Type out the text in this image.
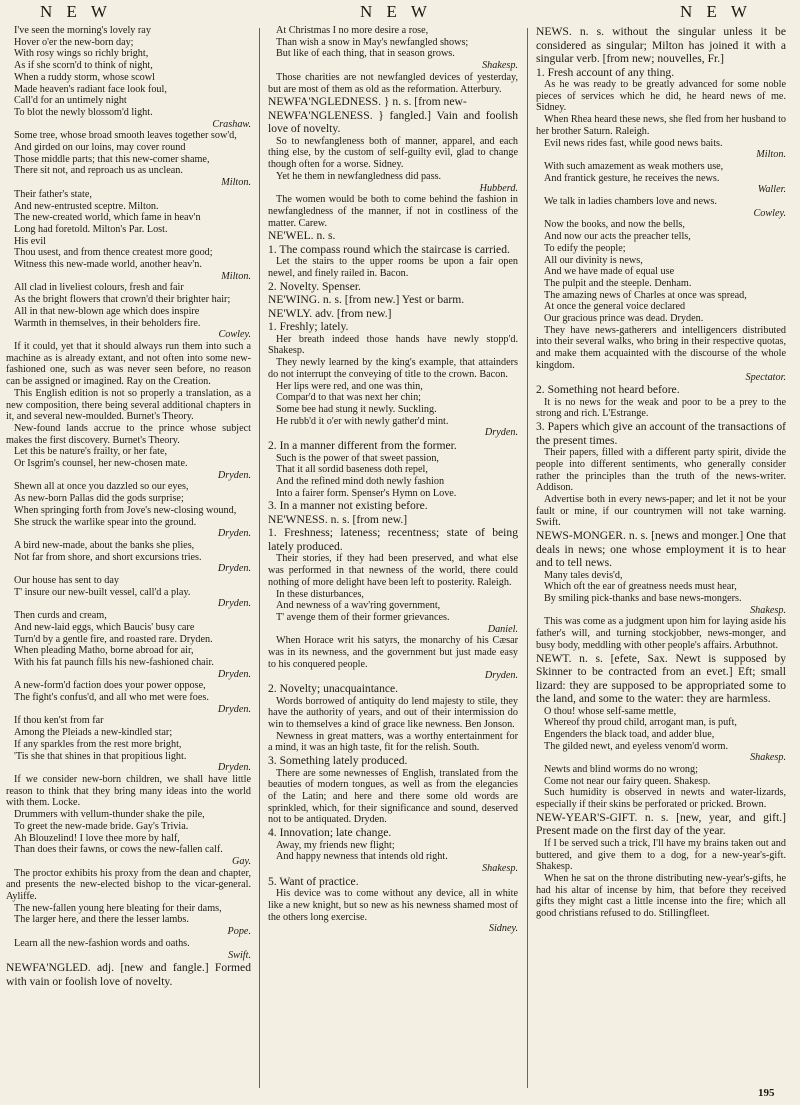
N E W	N E W	N E W

I've seen the morning's lovely ray

Hover o'er the new-born day;

With rosy wings so richly bright,

As if she scorn'd to think of night,

When a ruddy storm, whose scowl

Made heaven's radiant face look foul,

Call'd for an untimely night

To blot the newly blossom'd light.

Crashaw.

Some tree, whose broad smooth leaves together sow'd,

And girded on our loins, may cover round

Those middle parts; that this new-comer shame,

There sit not, and reproach us as unclean.

Milton.

Their father's state,

And new-entrusted sceptre. Milton.

The new-created world, which fame in heav'n

Long had foretold. Milton's Par. Lost.

His evil

Thou usest, and from thence createst more good;

Witness this new-made world, another heav'n.

Milton.

All clad in liveliest colours, fresh and fair

As the bright flowers that crown'd their brighter hair;

All in that new-blown age which does inspire

Warmth in themselves, in their beholders fire.

Cowley.

If it could, yet that it should always run them into such a machine as is already extant, and not often into some new-fashioned one, such as was never seen before, no reason can be assigned or imagined. Ray on the Creation.

This English edition is not so properly a translation, as a new composition, there being several additional chapters in it, and several new-moulded. Burnet's Theory.

New-found lands accrue to the prince whose subject makes the first discovery. Burnet's Theory.

Let this be nature's frailty, or her fate,

Or Isgrim's counsel, her new-chosen mate.

Dryden.

Shewn all at once you dazzled so our eyes,

As new-born Pallas did the gods surprise;

When springing forth from Jove's new-closing wound,

She struck the warlike spear into the ground.

Dryden.

A bird new-made, about the banks she plies,

Not far from shore, and short excursions tries.

Dryden.

Our house has sent to day

T' insure our new-built vessel, call'd a play.

Dryden.

Then curds and cream,

And new-laid eggs, which Baucis' busy care

Turn'd by a gentle fire, and roasted rare. Dryden.

When pleading Matho, borne abroad for air,

With his fat paunch fills his new-fashioned chair.

Dryden.

A new-form'd faction does your power oppose,

The fight's confus'd, and all who met were foes.

Dryden.

If thou ken'st from far

Among the Pleiads a new-kindled star;

If any sparkles from the rest more bright,

'Tis she that shines in that propitious light.

Dryden.

If we consider new-born children, we shall have little reason to think that they bring many ideas into the world with them. Locke.

Drummers with vellum-thunder shake the pile,

To greet the new-made bride. Gay's Trivia.

Ah Blouzelind! I love thee more by half,

Than does their fawns, or cows the new-fallen calf.

Gay.

The proctor exhibits his proxy from the dean and chapter, and presents the new-elected bishop to the vicar-general. Ayliffe.

The new-fallen young here bleating for their dams,

The larger here, and there the lesser lambs.

Pope.

Learn all the new-fashion words and oaths.

Swift.

NEWFA'NGLED. adj. [new and fangle.] Formed with vain or foolish love of novelty.

At Christmas I no more desire a rose,

Than wish a snow in May's newfangled shows;

But like of each thing, that in season grows.

Shakesp.

Those charities are not newfangled devices of yesterday, but are most of them as old as the reformation. Atterbury.

NEWFA'NGLEDNESS. } n. s. [from new-

NEWFA'NGLENESS. } fangled.] Vain and foolish love of novelty.

So to newfangleness both of manner, apparel, and each thing else, by the custom of self-guilty evil, glad to change though often for a worse. Sidney.

Yet he them in newfangledness did pass.

Hubberd.

The women would be both to come behind the fashion in newfangledness of the manner, if not in costliness of the matter. Carew.

NE'WEL. n. s.

1. The compass round which the staircase is carried.

Let the stairs to the upper rooms be upon a fair open newel, and finely railed in. Bacon.

2. Novelty. Spenser.

NE'WING. n. s. [from new.] Yest or barm.

NE'WLY. adv. [from new.]

1. Freshly; lately.

Her breath indeed those hands have newly stopp'd. Shakesp.

They newly learned by the king's example, that attainders do not interrupt the conveying of title to the crown. Bacon.

Her lips were red, and one was thin,

Compar'd to that was next her chin;

Some bee had stung it newly. Suckling.

He rubb'd it o'er with newly gather'd mint.

Dryden.

2. In a manner different from the former.

Such is the power of that sweet passion,

That it all sordid baseness doth repel,

And the refined mind doth newly fashion

Into a fairer form. Spenser's Hymn on Love.

3. In a manner not existing before.

NE'WNESS. n. s. [from new.]

1. Freshness; lateness; recentness; state of being lately produced.

Their stories, if they had been preserved, and what else was performed in that newness of the world, there could nothing of more delight have been left to posterity. Raleigh.

In these disturbances,

And newness of a wav'ring government,

T' avenge them of their former grievances.

Daniel.

When Horace writ his satyrs, the monarchy of his Cæsar was in its newness, and the government but just made easy to his conquered people.

Dryden.

2. Novelty; unacquaintance.

Words borrowed of antiquity do lend majesty to stile, they have the authority of years, and out of their intermission do win to themselves a kind of grace like newness. Ben Jonson.

Newness in great matters, was a worthy entertainment for a mind, it was an high taste, fit for the relish. South.

3. Something lately produced.

There are some newnesses of English, translated from the beauties of modern tongues, as well as from the elegancies of the Latin; and here and there some old words are sprinkled, which, for their significance and sound, deserved not to be antiquated. Dryden.

4. Innovation; late change.

Away, my friends new flight;

And happy newness that intends old right.

Shakesp.

5. Want of practice.

His device was to come without any device, all in white like a new knight, but so new as his newness shamed most of the others long exercise.

Sidney.

NEWS. n. s. without the singular unless it be considered as singular; Milton has joined it with a singular verb. [from new; nouvelles, Fr.]

1. Fresh account of any thing.

As he was ready to be greatly advanced for some noble pieces of services which he did, he heard news of me. Sidney.

When Rhea heard these news, she fled from her husband to her brother Saturn. Raleigh.

Evil news rides fast, while good news baits.

Milton.

With such amazement as weak mothers use,

And frantick gesture, he receives the news.

Waller.

We talk in ladies chambers love and news.

Cowley.

Now the books, and now the bells,

And now our acts the preacher tells,

To edify the people;

All our divinity is news,

And we have made of equal use

The pulpit and the steeple. Denham.

The amazing news of Charles at once was spread,

At once the general voice declared

Our gracious prince was dead. Dryden.

They have news-gatherers and intelligencers distributed into their several walks, who bring in their respective quotas, and make them acquainted with the discourse of the whole kingdom.

Spectator.

2. Something not heard before.

It is no news for the weak and poor to be a prey to the strong and rich. L'Estrange.

3. Papers which give an account of the transactions of the present times.

Their papers, filled with a different party spirit, divide the people into different sentiments, who generally consider rather the principles than the truth of the news-writer. Addison.

Advertise both in every news-paper; and let it not be your fault or mine, if our countrymen will not take warning. Swift.

NEWS-MONGER. n. s. [news and monger.] One that deals in news; one whose employment it is to hear and to tell news.

Many tales devis'd,

Which oft the ear of greatness needs must hear,

By smiling pick-thanks and base news-mongers.

Shakesp.

This was come as a judgment upon him for laying aside his father's will, and turning stockjobber, news-monger, and busy body, meddling with other people's affairs. Arbuthnot.

NEWT. n. s. [efete, Sax. Newt is supposed by Skinner to be contracted from an evet.] Eft; small lizard: they are supposed to be appropriated some to the land, and some to the water: they are harmless.

O thou! whose self-same mettle,

Whereof thy proud child, arrogant man, is puft,

Engenders the black toad, and adder blue,

The gilded newt, and eyeless venom'd worm.

Shakesp.

Newts and blind worms do no wrong;

Come not near our fairy queen. Shakesp.

Such humidity is observed in newts and water-lizards, especially if their skins be perforated or pricked. Brown.

NEW-YEAR'S-GIFT. n. s. [new, year, and gift.] Present made on the first day of the year.

If I be served such a trick, I'll have my brains taken out and buttered, and give them to a dog, for a new-year's-gift. Shakesp.

When he sat on the throne distributing new-year's-gifts, he had his altar of incense by him, that before they received gifts they might cast a little incense into the fire; which all good christians refused to do. Stillingfleet.

195
